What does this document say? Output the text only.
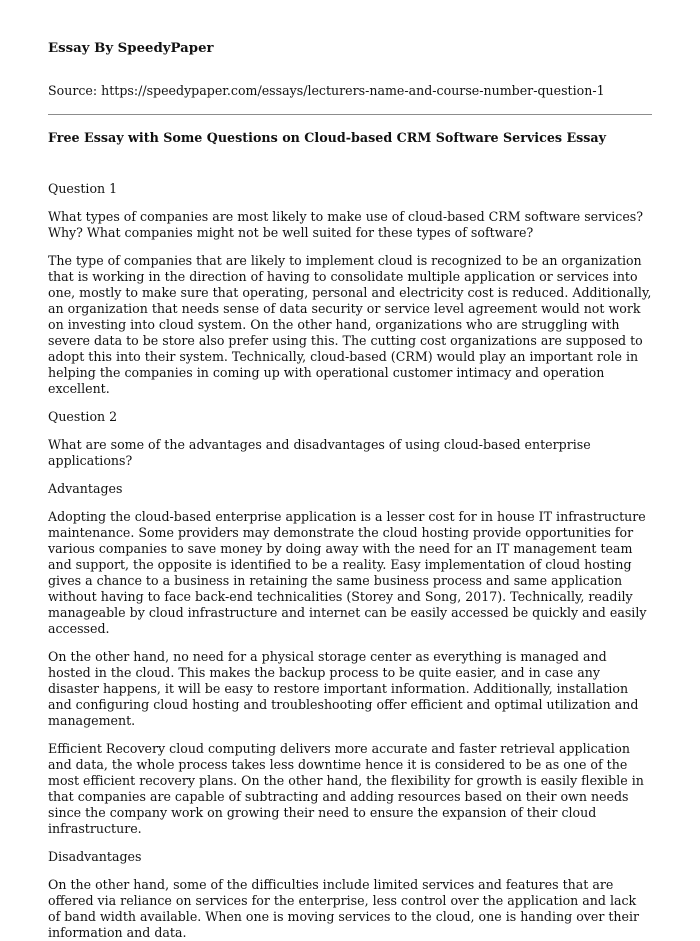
Essay By SpeedyPaper

Source: https://speedypaper.com/essays/lecturers-name-and-course-number-question-1

Free Essay with Some Questions on Cloud-based CRM Software Services Essay

Question 1

What types of companies are most likely to make use of cloud-based CRM software services? Why? What companies might not be well suited for these types of software?

The type of companies that are likely to implement cloud is recognized to be an organization that is working in the direction of having to consolidate multiple application or services into one, mostly to make sure that operating, personal and electricity cost is reduced. Additionally, an organization that needs sense of data security or service level agreement would not work on investing into cloud system. On the other hand, organizations who are struggling with severe data to be store also prefer using this. The cutting cost organizations are supposed to adopt this into their system. Technically, cloud-based (CRM) would play an important role in helping the companies in coming up with operational customer intimacy and operation excellent.

Question 2

What are some of the advantages and disadvantages of using cloud-based enterprise applications?

Advantages

Adopting the cloud-based enterprise application is a lesser cost for in house IT infrastructure maintenance. Some providers may demonstrate the cloud hosting provide opportunities for various companies to save money by doing away with the need for an IT management team and support, the opposite is identified to be a reality. Easy implementation of cloud hosting gives a chance to a business in retaining the same business process and same application without having to face back-end technicalities (Storey and Song, 2017). Technically, readily manageable by cloud infrastructure and internet can be easily accessed be quickly and easily accessed.

On the other hand, no need for a physical storage center as everything is managed and hosted in the cloud. This makes the backup process to be quite easier, and in case any disaster happens, it will be easy to restore important information. Additionally, installation and configuring cloud hosting and troubleshooting offer efficient and optimal utilization and management.

Efficient Recovery cloud computing delivers more accurate and faster retrieval application and data, the whole process takes less downtime hence it is considered to be as one of the most efficient recovery plans. On the other hand, the flexibility for growth is easily flexible in that companies are capable of subtracting and adding resources based on their own needs since the company work on growing their need to ensure the expansion of their cloud infrastructure.

Disadvantages

On the other hand, some of the difficulties include limited services and features that are offered via reliance on services for the enterprise, less control over the application and lack of band width available. When one is moving services to the cloud, one is handing over their information and data.
